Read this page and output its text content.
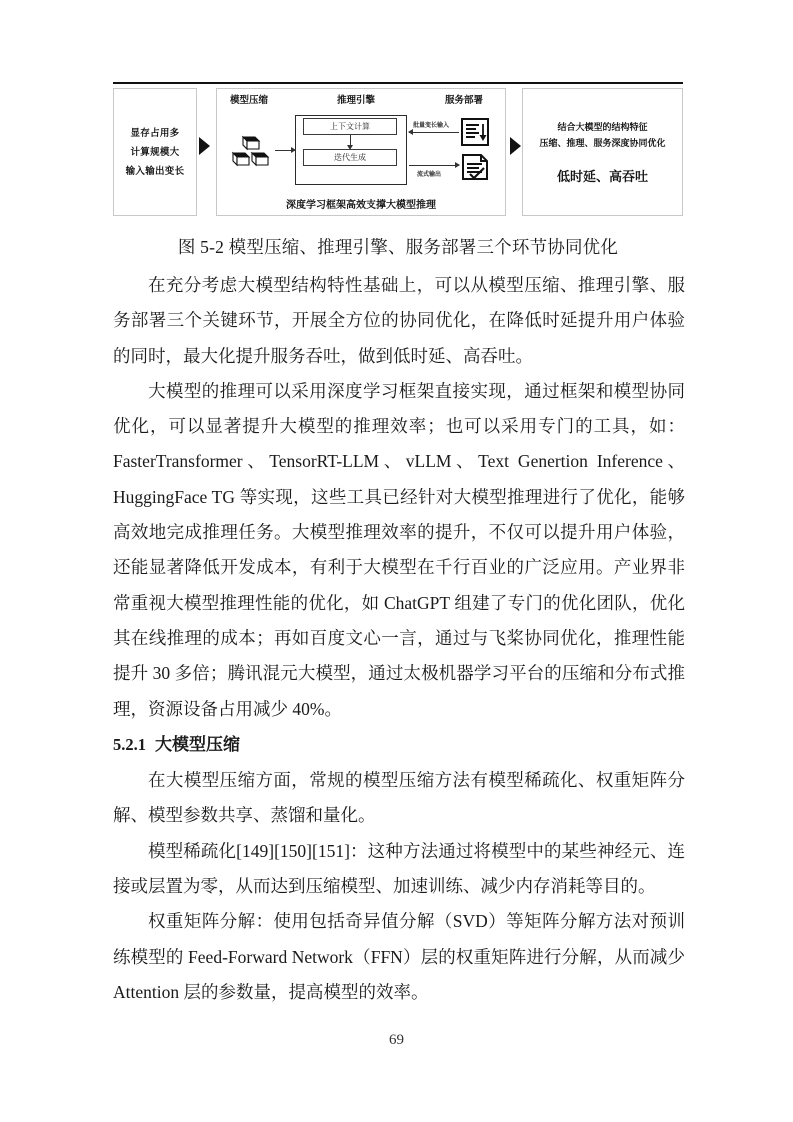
显存占用多
计算规模大
输入输出变长
模型压缩	推理引擎	服务部署
上下文计算
迭代生成
批量变长输入
流式输出
深度学习框架高效支撑大模型推理
结合大模型的结构特征
压缩、推理、服务深度协同优化
低时延、高吞吐
图 5-2 模型压缩、推理引擎、服务部署三个环节协同优化

在充分考虑大模型结构特性基础上，可以从模型压缩、推理引擎、服务部署三个关键环节，开展全方位的协同优化，在降低时延提升用户体验的同时，最大化提升服务吞吐，做到低时延、高吞吐。

大模型的推理可以采用深度学习框架直接实现，通过框架和模型协同优化，可以显著提升大模型的推理效率；也可以采用专门的工具，如：FasterTransformer、TensorRT-LLM、vLLM、Text Genertion Inference、HuggingFace TG 等实现，这些工具已经针对大模型推理进行了优化，能够高效地完成推理任务。大模型推理效率的提升，不仅可以提升用户体验，还能显著降低开发成本，有利于大模型在千行百业的广泛应用。产业界非常重视大模型推理性能的优化，如 ChatGPT 组建了专门的优化团队，优化其在线推理的成本；再如百度文心一言，通过与飞桨协同优化，推理性能提升 30 多倍；腾讯混元大模型，通过太极机器学习平台的压缩和分布式推理，资源设备占用减少 40%。

5.2.1 大模型压缩

在大模型压缩方面，常规的模型压缩方法有模型稀疏化、权重矩阵分解、模型参数共享、蒸馏和量化。

模型稀疏化[149][150][151]：这种方法通过将模型中的某些神经元、连接或层置为零，从而达到压缩模型、加速训练、减少内存消耗等目的。

权重矩阵分解：使用包括奇异值分解（SVD）等矩阵分解方法对预训练模型的 Feed-Forward Network（FFN）层的权重矩阵进行分解，从而减少 Attention 层的参数量，提高模型的效率。

69
